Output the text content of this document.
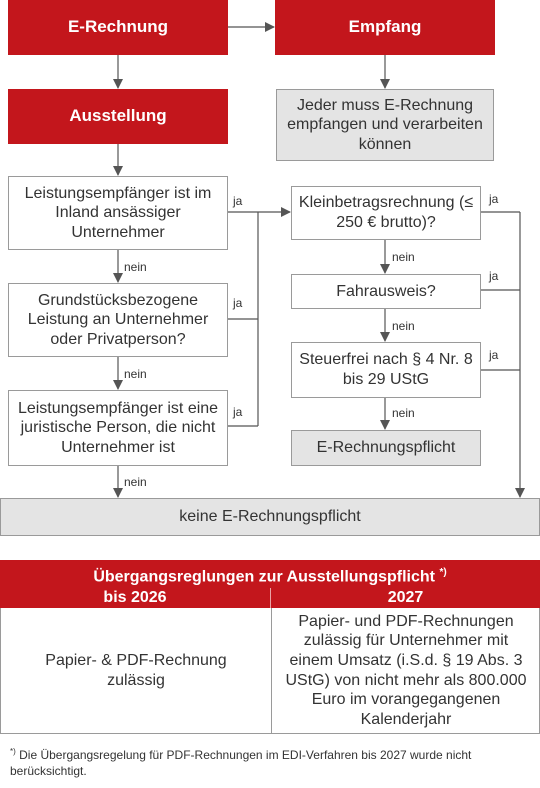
E-Rechnung	Empfang
Ausstellung
Jeder muss E-Rechnung empfangen und verarbeiten können
Leistungsempfänger ist im Inland ansässiger Unternehmer
Grundstücksbezogene Leistung an Unternehmer oder Privatperson?
Leistungsempfänger ist eine juristische Person, die nicht Unternehmer ist
Kleinbetragsrechnung (≤ 250 € brutto)?
Fahrausweis?
Steuerfrei nach § 4 Nr. 8 bis 29 UStG
E-Rechnungspflicht
keine E-Rechnungspflicht
ja
ja
ja
nein
nein
nein
ja
ja
ja
nein
nein
nein
Übergangsreglungen zur Ausstellungspflicht *)
bis 2026	2027
Papier- & PDF-Rechnung zulässig
Papier- und PDF-Rechnungen zulässig für Unternehmer mit einem Umsatz (i.S.d. § 19 Abs. 3 UStG) von nicht mehr als 800.000 Euro im vorangegangenen Kalenderjahr
*) Die Übergangsregelung für PDF-Rechnungen im EDI-Verfahren bis 2027 wurde nicht berücksichtigt.
